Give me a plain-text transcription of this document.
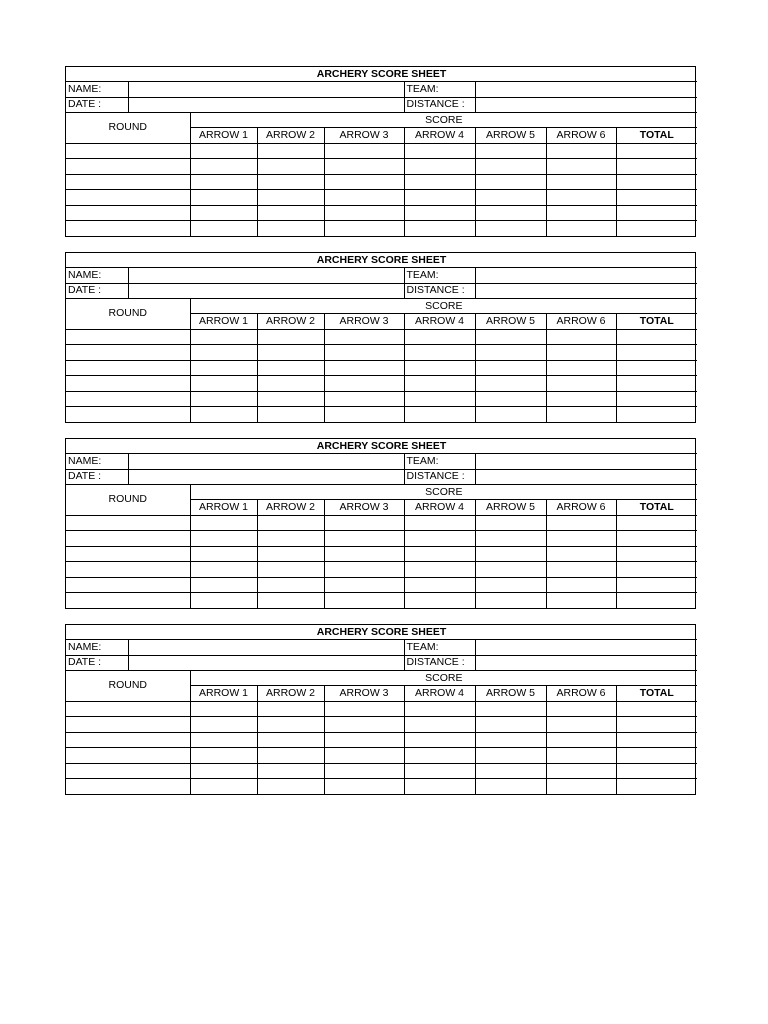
ARCHERY SCORE SHEET								
NAME:					TEAM:			
DATE :					DISTANCE :			
ROUND		SCORE						
		ARROW 1	ARROW 2	ARROW 3	ARROW 4	ARROW 5	ARROW 6	TOTAL

ARCHERY SCORE SHEET								
NAME:					TEAM:			
DATE :					DISTANCE :			
ROUND		SCORE						
		ARROW 1	ARROW 2	ARROW 3	ARROW 4	ARROW 5	ARROW 6	TOTAL

ARCHERY SCORE SHEET								
NAME:					TEAM:			
DATE :					DISTANCE :			
ROUND		SCORE						
		ARROW 1	ARROW 2	ARROW 3	ARROW 4	ARROW 5	ARROW 6	TOTAL

ARCHERY SCORE SHEET								
NAME:					TEAM:			
DATE :					DISTANCE :			
ROUND		SCORE						
		ARROW 1	ARROW 2	ARROW 3	ARROW 4	ARROW 5	ARROW 6	TOTAL
